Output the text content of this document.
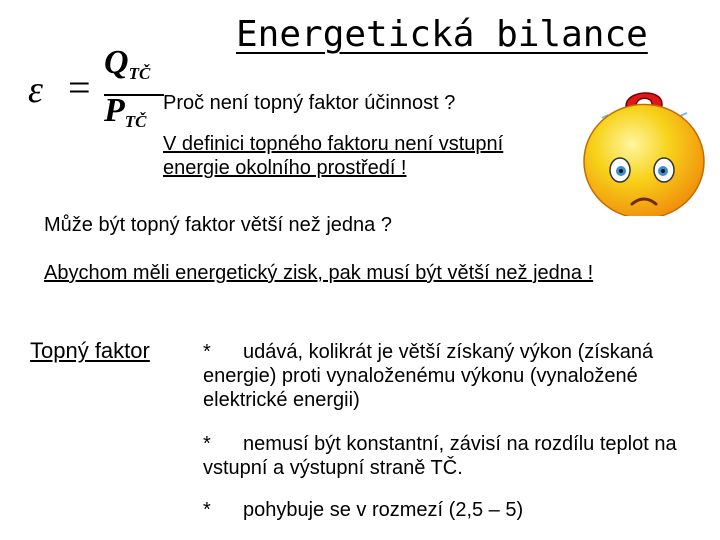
Energetická bilance
ε =
$Q_{TČ}$
$P_{TČ}$
Proč není topný faktor účinnost ?
V definici topného faktoru není vstupní energie okolního prostředí !
Může být topný faktor větší než jedna ?
Abychom měli energetický zisk, pak musí být větší než jedna !
Topný faktor	* udává, kolikrát je větší získaný výkon (získaná energie) proti vynaloženému výkonu (vynaložené elektrické energii)
* nemusí být konstantní, závisí na rozdílu teplot na vstupní a výstupní straně TČ.
* pohybuje se v rozmezí (2,5 – 5)
